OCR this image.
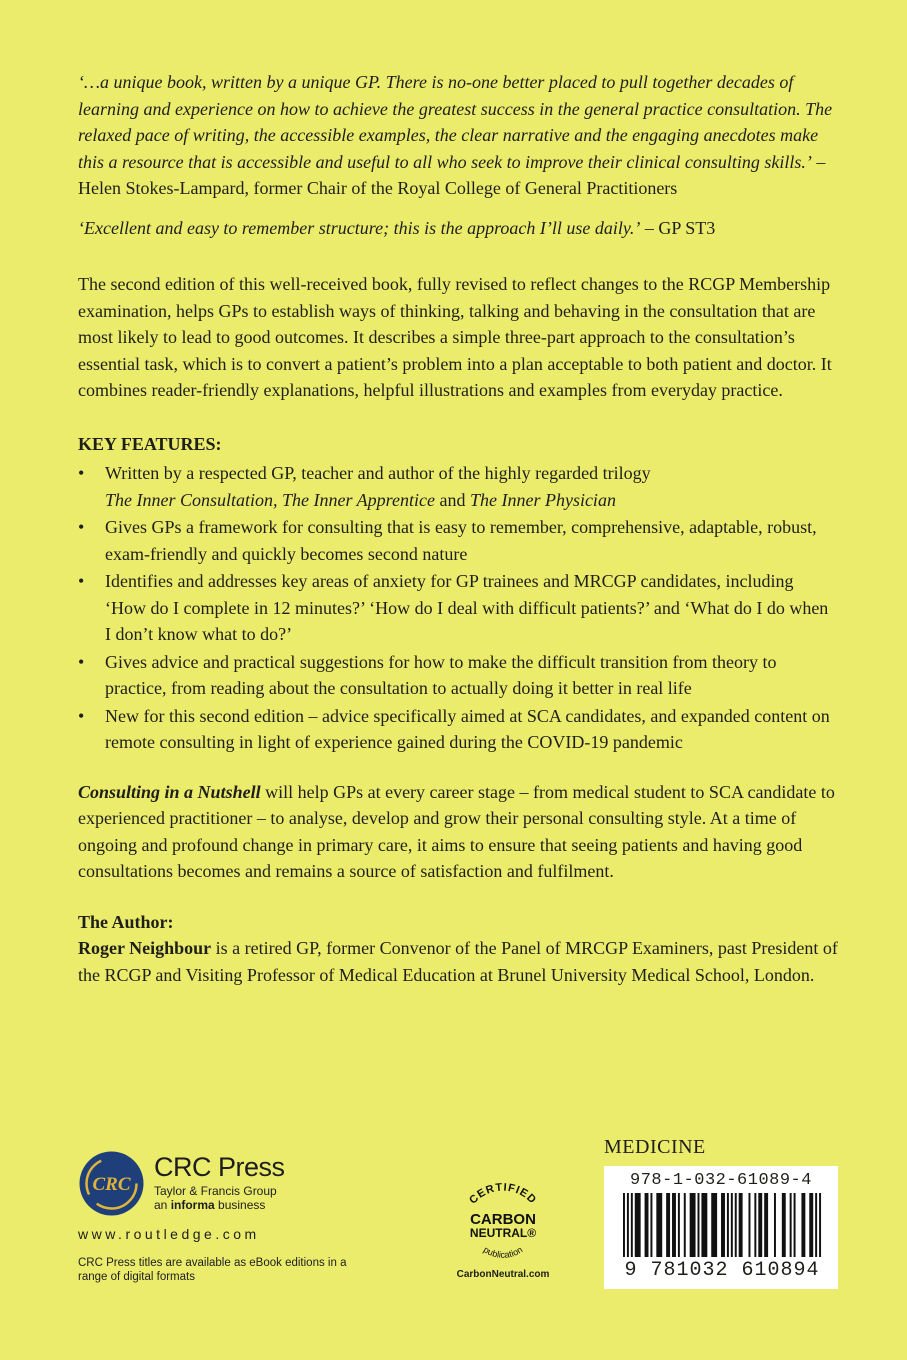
‘…a unique book, written by a unique GP. There is no-one better placed to pull together decades of learning and experience on how to achieve the greatest success in the general practice consultation. The relaxed pace of writing, the accessible examples, the clear narrative and the engaging anecdotes make this a resource that is accessible and useful to all who seek to improve their clinical consulting skills.’ – Helen Stokes-Lampard, former Chair of the Royal College of General Practitioners

‘Excellent and easy to remember structure; this is the approach I’ll use daily.’ – GP ST3

The second edition of this well-received book, fully revised to reflect changes to the RCGP Membership examination, helps GPs to establish ways of thinking, talking and behaving in the consultation that are most likely to lead to good outcomes. It describes a simple three-part approach to the consultation’s essential task, which is to convert a patient’s problem into a plan acceptable to both patient and doctor. It combines reader-friendly explanations, helpful illustrations and examples from everyday practice.

KEY FEATURES:

• Written by a respected GP, teacher and author of the highly regarded trilogy
The Inner Consultation, The Inner Apprentice and The Inner Physician
• Gives GPs a framework for consulting that is easy to remember, comprehensive, adaptable, robust, exam-friendly and quickly becomes second nature
• Identifies and addresses key areas of anxiety for GP trainees and MRCGP candidates, including ‘How do I complete in 12 minutes?’ ‘How do I deal with difficult patients?’ and ‘What do I do when I don’t know what to do?’
• Gives advice and practical suggestions for how to make the difficult transition from theory to practice, from reading about the consultation to actually doing it better in real life
• New for this second edition – advice specifically aimed at SCA candidates, and expanded content on remote consulting in light of experience gained during the COVID-19 pandemic

Consulting in a Nutshell will help GPs at every career stage – from medical student to SCA candidate to experienced practitioner – to analyse, develop and grow their personal consulting style. At a time of ongoing and profound change in primary care, it aims to ensure that seeing patients and having good consultations becomes and remains a source of satisfaction and fulfilment.

The Author:

Roger Neighbour is a retired GP, former Convenor of the Panel of MRCGP Examiners, past President of the RCGP and Visiting Professor of Medical Education at Brunel University Medical School, London.

MEDICINE
978-1-032-61089-4
9 781032 610894
CRC
CRC Press
Taylor & Francis Group
an informa business
www.routledge.com
CRC Press titles are available as eBook editions in a range of digital formats
CERTIFIED
CARBON
NEUTRAL®
publication
CarbonNeutral.com
